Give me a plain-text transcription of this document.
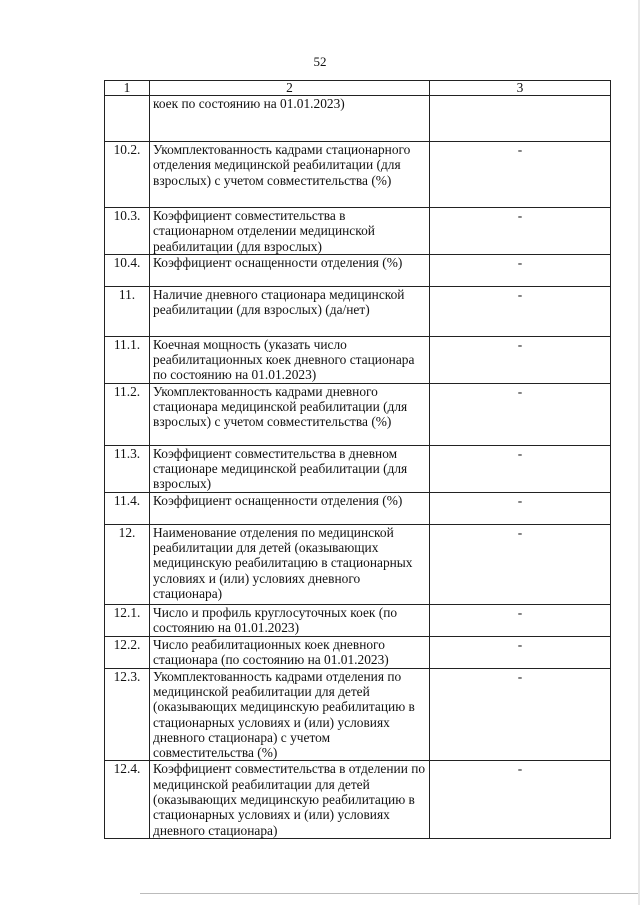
52
1	2	3
	коек по состоянию на 01.01.2023)	
10.2.	Укомплектованность кадрами стационарного отделения медицинской реабилитации (для взрослых) с учетом совместительства (%)	-
10.3.	Коэффициент совместительства в стационарном отделении медицинской реабилитации (для взрослых)	-
10.4.	Коэффициент оснащенности отделения (%)	-
11.	Наличие дневного стационара медицинской реабилитации (для взрослых) (да/нет)	-
11.1.	Коечная мощность (указать число реабилитационных коек дневного стационара по состоянию на 01.01.2023)	-
11.2.	Укомплектованность кадрами дневного стационара медицинской реабилитации (для взрослых) с учетом совместительства (%)	-
11.3.	Коэффициент совместительства в дневном стационаре медицинской реабилитации (для взрослых)	-
11.4.	Коэффициент оснащенности отделения (%)	-
12.	Наименование отделения по медицинской реабилитации для детей (оказывающих медицинскую реабилитацию в стационарных условиях и (или) условиях дневного стационара)	-
12.1.	Число и профиль круглосуточных коек (по состоянию на 01.01.2023)	-
12.2.	Число реабилитационных коек дневного стационара (по состоянию на 01.01.2023)	-
12.3.	Укомплектованность кадрами отделения по медицинской реабилитации для детей (оказывающих медицинскую реабилитацию в стационарных условиях и (или) условиях дневного стационара) с учетом совместительства (%)	-
12.4.	Коэффициент совместительства в отделении по медицинской реабилитации для детей (оказывающих медицинскую реабилитацию в стационарных условиях и (или) условиях дневного стационара)	-
